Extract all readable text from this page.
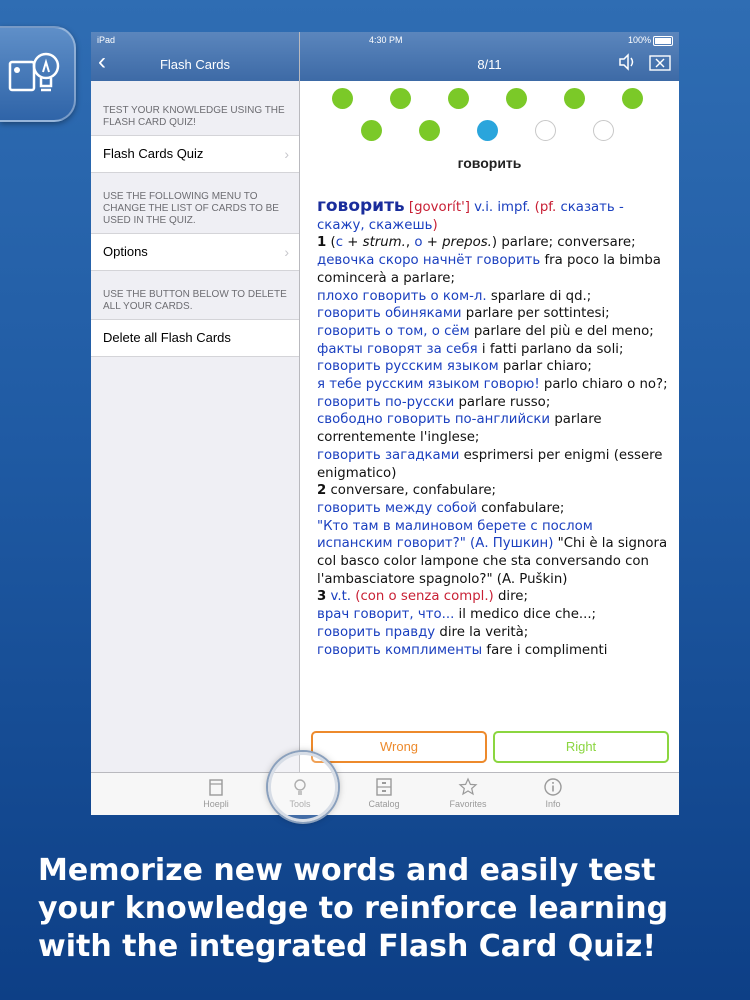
iPad
‹	Flash Cards
TEST YOUR KNOWLEDGE USING THE FLASH CARD QUIZ!
Flash Cards Quiz	›
USE THE FOLLOWING MENU TO CHANGE THE LIST OF CARDS TO BE USED IN THE QUIZ.
Options	›
USE THE BUTTON BELOW TO DELETE ALL YOUR CARDS.
Delete all Flash Cards
4:30 PM	100%
8/11
говорить

говорить [govorít'] v.i. impf. (pf. сказать - скажу, скажешь)

1 (с + strum., о + prepos.) parlare; conversare;

девочка скоро начнёт говорить fra poco la bimba comincerà a parlare;

плохо говорить о ком-л. sparlare di qd.;

говорить обиняками parlare per sottintesi;

говорить о том, о сём parlare del più e del meno;

факты говорят за себя i fatti parlano da soli;

говорить русским языком parlar chiaro;

я тебе русским языком говорю! parlo chiaro o no?;

говорить по-русски parlare russo;

свободно говорить по-английски parlare correntemente l'inglese;

говорить загадками esprimersi per enigmi (essere enigmatico)

2 conversare, confabulare;

говорить между собой confabulare;

"Кто там в малиновом берете с послом испанским говорит?" (А. Пушкин) "Chi è la signora col basco color lampone che sta conversando con l'ambasciatore spagnolo?" (A. Puškin)

3 v.t. (con o senza compl.) dire;

врач говорит, что... il medico dice che...;

говорить правду dire la verità;

говорить комплименты fare i complimenti

Wrong	Right
Hoepli	Tools	Catalog	Favorites	Info
Memorize new words and easily test your knowledge to reinforce learning with the integrated Flash Card Quiz!
